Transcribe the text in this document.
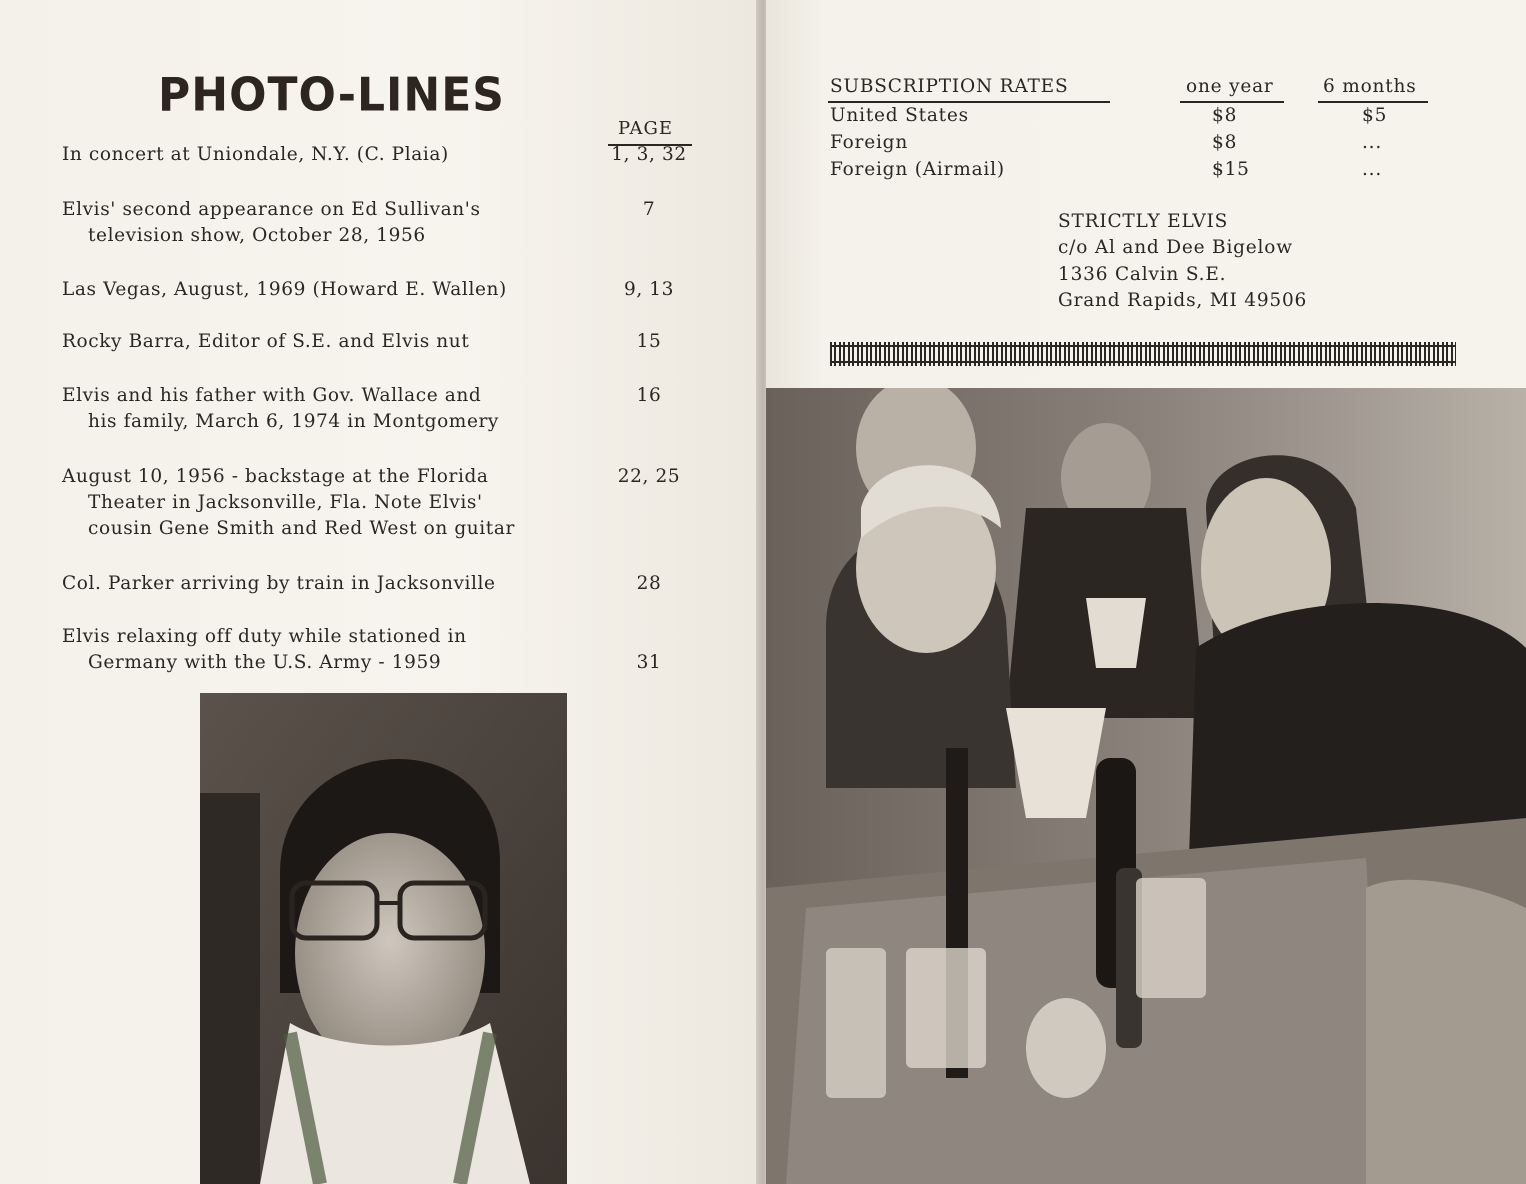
PHOTO-LINES
PAGE
In concert at Uniondale, N.Y. (C. Plaia)	1, 3, 32
Elvis' second appearance on Ed Sullivan's
television show, October 28, 1956
7
Las Vegas, August, 1969 (Howard E. Wallen)	9, 13
Rocky Barra, Editor of S.E. and Elvis nut	15
Elvis and his father with Gov. Wallace and
his family, March 6, 1974 in Montgomery
16
August 10, 1956 - backstage at the Florida
Theater in Jacksonville, Fla. Note Elvis'
cousin Gene Smith and Red West on guitar
22, 25
Col. Parker arriving by train in Jacksonville	28
Elvis relaxing off duty while stationed in
Germany with the U.S. Army - 1959	31
SUBSCRIPTION RATES	one year	6 months
United States	$8	$5
Foreign	$8	...
Foreign (Airmail)	$15	...
STRICTLY ELVIS
c/o Al and Dee Bigelow
1336 Calvin S.E.
Grand Rapids, MI 49506
